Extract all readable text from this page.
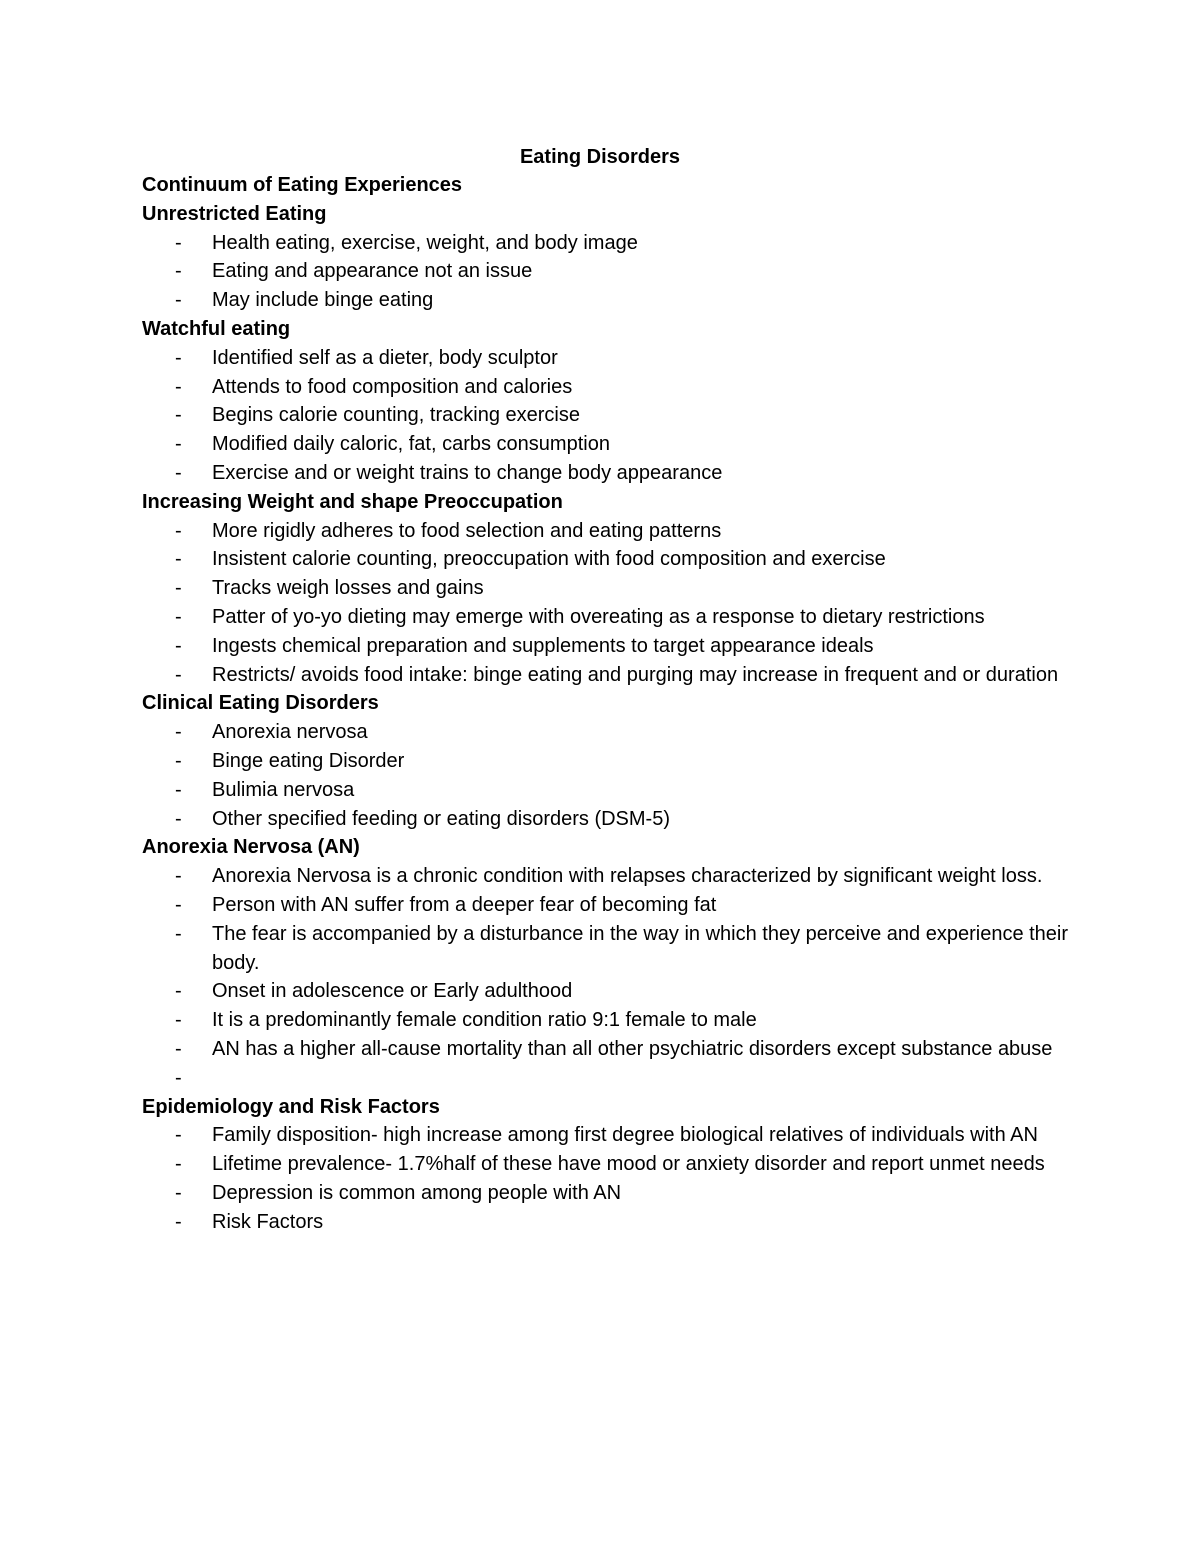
Eating Disorders
Continuum of Eating Experiences
Unrestricted Eating
- Health eating, exercise, weight, and body image
- Eating and appearance not an issue
- May include binge eating
Watchful eating
- Identified self as a dieter, body sculptor
- Attends to food composition and calories
- Begins calorie counting, tracking exercise
- Modified daily caloric, fat, carbs consumption
- Exercise and or weight trains to change body appearance
Increasing Weight and shape Preoccupation
- More rigidly adheres to food selection and eating patterns
- Insistent calorie counting, preoccupation with food composition and exercise
- Tracks weigh losses and gains
- Patter of yo-yo dieting may emerge with overeating as a response to dietary restrictions
- Ingests chemical preparation and supplements to target appearance ideals
- Restricts/ avoids food intake: binge eating and purging may increase in frequent and or duration
Clinical Eating Disorders
- Anorexia nervosa
- Binge eating Disorder
- Bulimia nervosa
- Other specified feeding or eating disorders (DSM-5)
Anorexia Nervosa (AN)
- Anorexia Nervosa is a chronic condition with relapses characterized by significant weight loss.
- Person with AN suffer from a deeper fear of becoming fat
- The fear is accompanied by a disturbance in the way in which they perceive and experience their body.
- Onset in adolescence or Early adulthood
- It is a predominantly female condition ratio 9:1 female to male
- AN has a higher all-cause mortality than all other psychiatric disorders except substance abuse
-
Epidemiology and Risk Factors
- Family disposition- high increase among first degree biological relatives of individuals with AN
- Lifetime prevalence- 1.7%half of these have mood or anxiety disorder and report unmet needs
- Depression is common among people with AN
- Risk Factors
